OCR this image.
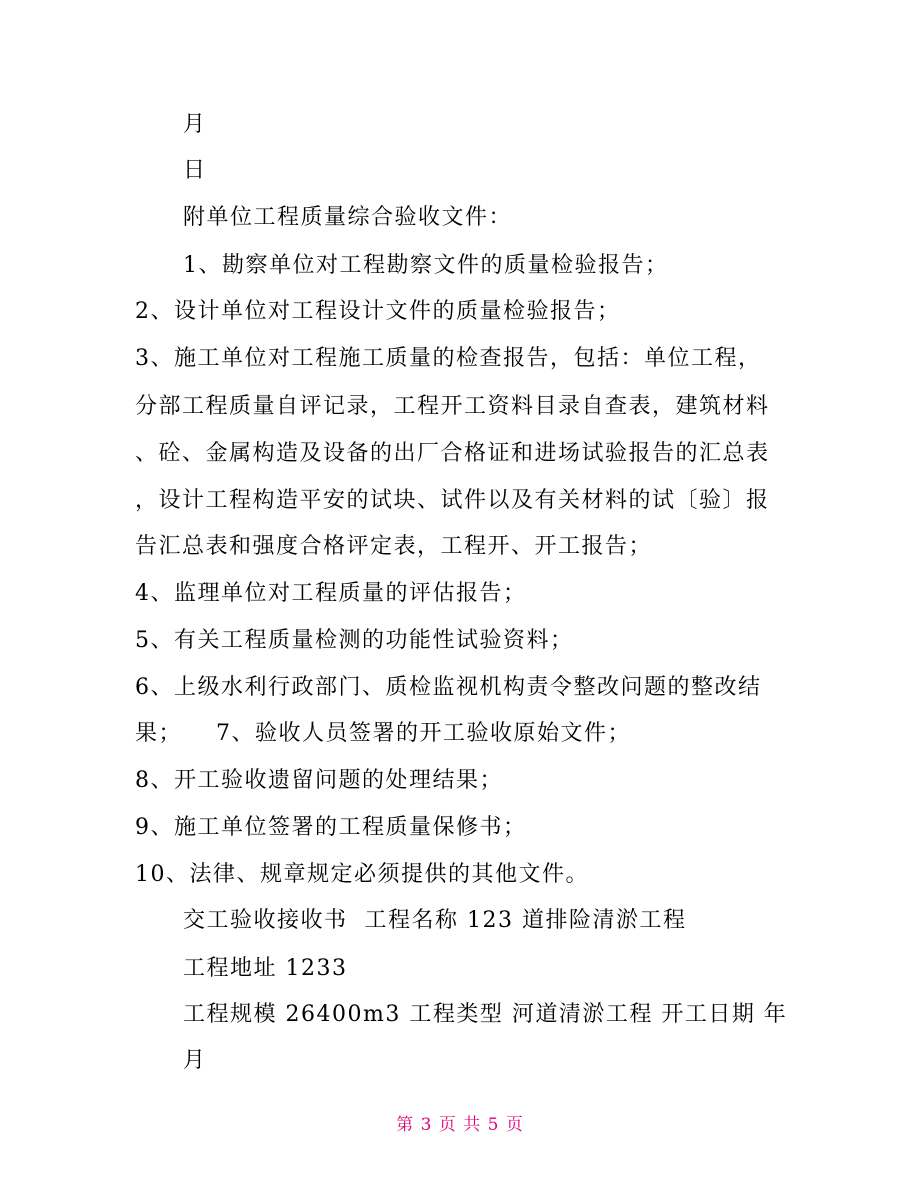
月
日
附单位工程质量综合验收文件：
1、勘察单位对工程勘察文件的质量检验报告；
2、设计单位对工程设计文件的质量检验报告；
3、施工单位对工程施工质量的检查报告，包括：单位工程，
分部工程质量自评记录，工程开工资料目录自查表，建筑材料
、砼、金属构造及设备的出厂合格证和进场试验报告的汇总表
，设计工程构造平安的试块、试件以及有关材料的试〔验〕报
告汇总表和强度合格评定表，工程开、开工报告；
4、监理单位对工程质量的评估报告；
5、有关工程质量检测的功能性试验资料；
6、上级水利行政部门、质检监视机构责令整改问题的整改结
果；    7、验收人员签署的开工验收原始文件；
8、开工验收遗留问题的处理结果；
9、施工单位签署的工程质量保修书；
10、法律、规章规定必须提供的其他文件。
交工验收接收书  工程名称 123 道排险清淤工程
工程地址 1233
工程规模 26400m3 工程类型 河道清淤工程 开工日期 年
月
第 3 页 共 5 页
